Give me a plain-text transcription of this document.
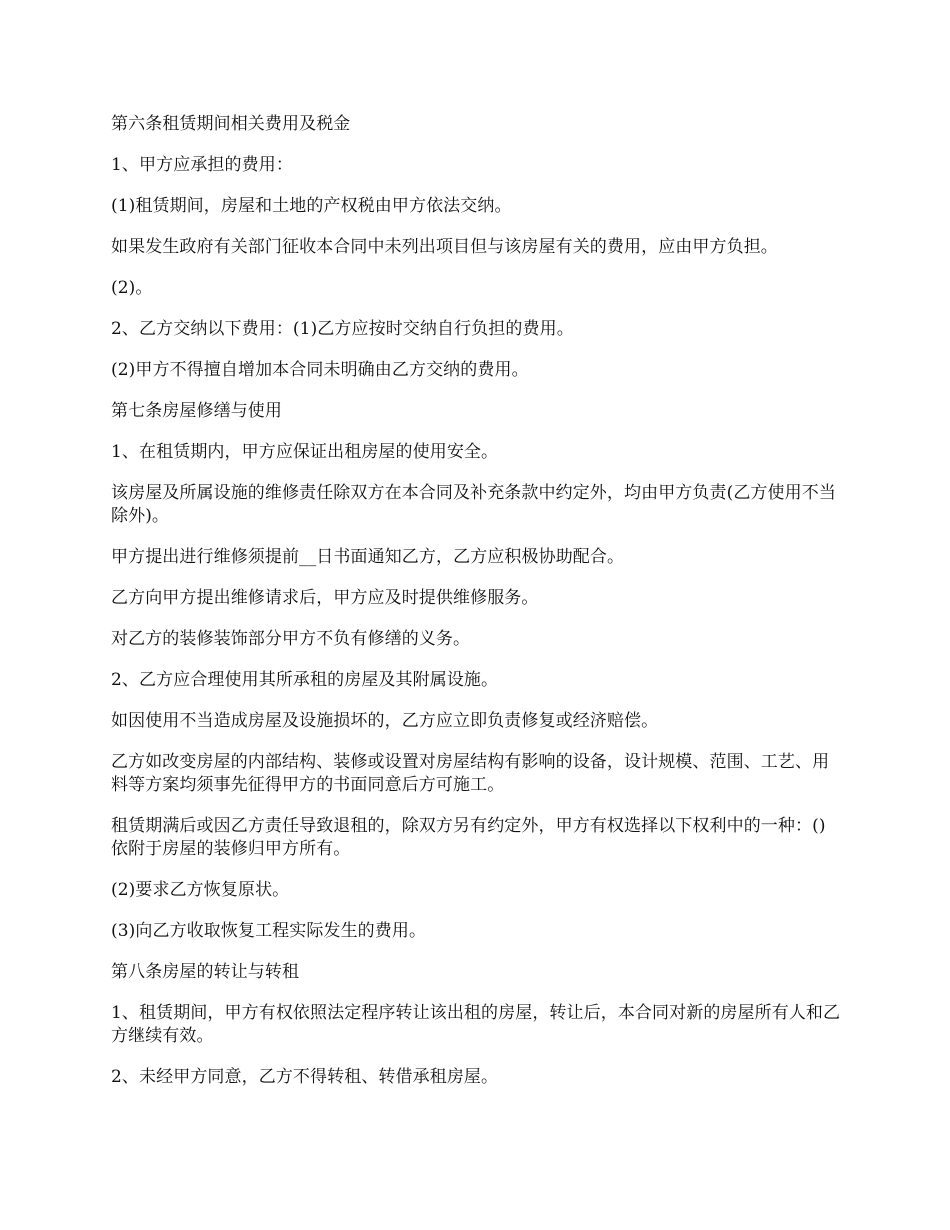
第六条租赁期间相关费用及税金

1、甲方应承担的费用：

(1)租赁期间，房屋和土地的产权税由甲方依法交纳。

如果发生政府有关部门征收本合同中未列出项目但与该房屋有关的费用，应由甲方负担。

(2)。

2、乙方交纳以下费用：(1)乙方应按时交纳自行负担的费用。

(2)甲方不得擅自增加本合同未明确由乙方交纳的费用。

第七条房屋修缮与使用

1、在租赁期内，甲方应保证出租房屋的使用安全。

该房屋及所属设施的维修责任除双方在本合同及补充条款中约定外，均由甲方负责(乙方使用不当除外)。

甲方提出进行维修须提前__日书面通知乙方，乙方应积极协助配合。

乙方向甲方提出维修请求后，甲方应及时提供维修服务。

对乙方的装修装饰部分甲方不负有修缮的义务。

2、乙方应合理使用其所承租的房屋及其附属设施。

如因使用不当造成房屋及设施损坏的，乙方应立即负责修复或经济赔偿。

乙方如改变房屋的内部结构、装修或设置对房屋结构有影响的设备，设计规模、范围、工艺、用料等方案均须事先征得甲方的书面同意后方可施工。

租赁期满后或因乙方责任导致退租的，除双方另有约定外，甲方有权选择以下权利中的一种：()依附于房屋的装修归甲方所有。

(2)要求乙方恢复原状。

(3)向乙方收取恢复工程实际发生的费用。

第八条房屋的转让与转租

1、租赁期间，甲方有权依照法定程序转让该出租的房屋，转让后，本合同对新的房屋所有人和乙方继续有效。

2、未经甲方同意，乙方不得转租、转借承租房屋。
